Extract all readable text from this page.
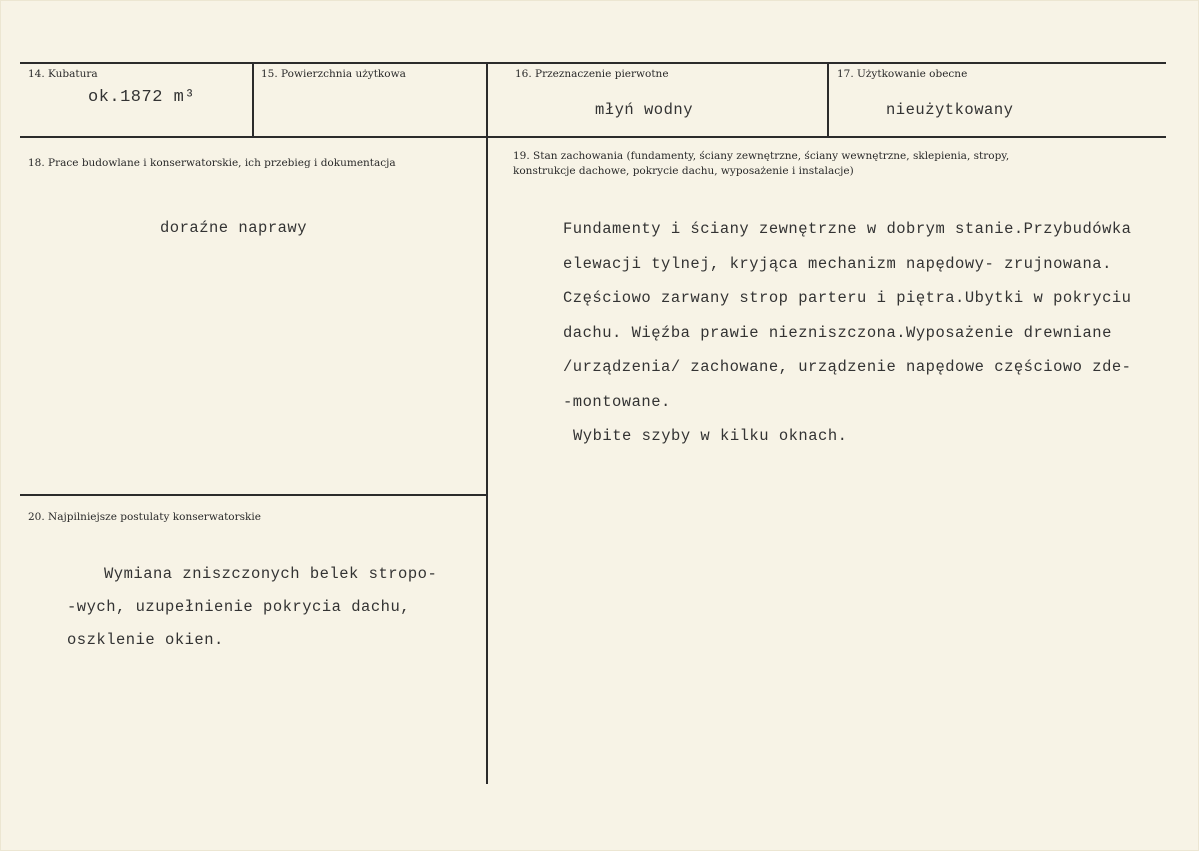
14. Kubatura
ok.1872 m³
15. Powierzchnia użytkowa	16. Przeznaczenie pierwotne
młyń wodny
17. Użytkowanie obecne
nieużytkowany
18. Prace budowlane i konserwatorskie, ich przebieg i dokumentacja
doraźne naprawy
19. Stan zachowania (fundamenty, ściany zewnętrzne, ściany wewnętrzne, sklepienia, stropy,
konstrukcje dachowe, pokrycie dachu, wyposażenie i instalacje)

Fundamenty i ściany zewnętrzne w dobrym stanie.Przybudówka

elewacji tylnej, kryjąca mechanizm napędowy- zrujnowana.

Częściowo zarwany strop parteru i piętra.Ubytki w pokryciu

dachu. Więźba prawie niezniszczona.Wyposażenie drewniane

/urządzenia/ zachowane, urządzenie napędowe częściowo zde-

-montowane.

Wybite szyby w kilku oknach.

20. Najpilniejsze postulaty konserwatorskie

Wymiana zniszczonych belek stropo-

-wych, uzupełnienie pokrycia dachu,

oszklenie okien.
